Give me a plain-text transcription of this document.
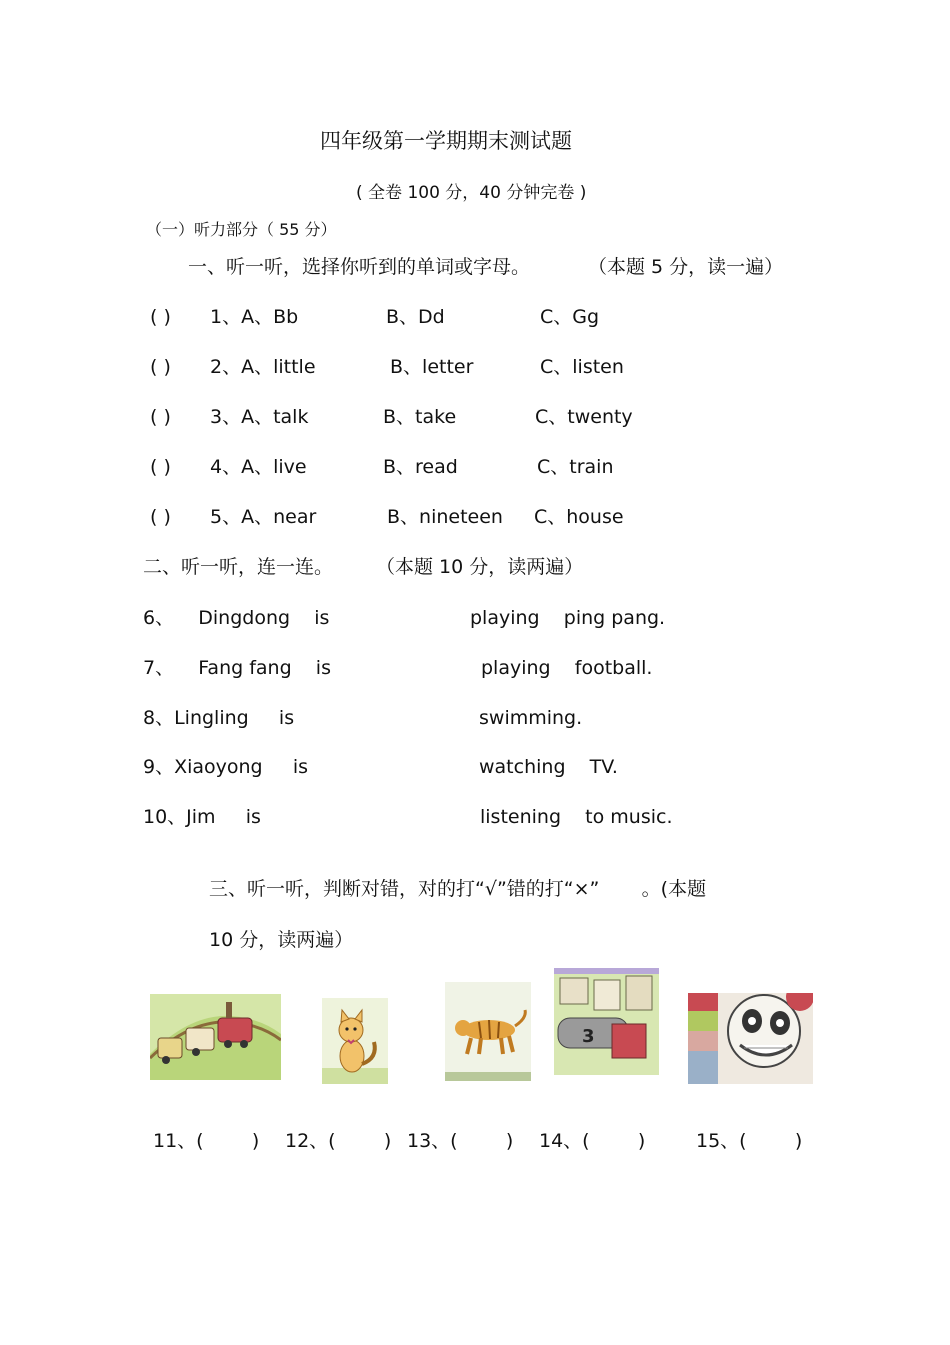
四年级第一学期期末测试题
( 全卷 100 分，40 分钟完卷 )
（一）听力部分（ 55 分）
一、听一听，选择你听到的单词或字母。	（本题 5 分，读一遍）
( ) 1、A、Bb	B、Dd	C、Gg
( ) 2、A、little	B、letter	C、listen
( ) 3、A、talk	B、take	C、twenty
( ) 4、A、live	B、read	C、train
( ) 5、A、near	B、nineteen C、house
二、听一听，连一连。 （本题 10 分，读两遍）
6、    Dingdong    is	playing    ping pang.
7、    Fang fang    is	playing    football.
8、Lingling     is	swimming.
9、Xiaoyong     is	watching    TV.
10、Jim     is	listening    to music.
三、听一听，判断对错，对的打“√”错的打“×”       。(本题
10 分，读两遍）
3
11、(        ) 12、(        ) 13、(        ) 14、(        )	15、(        )
